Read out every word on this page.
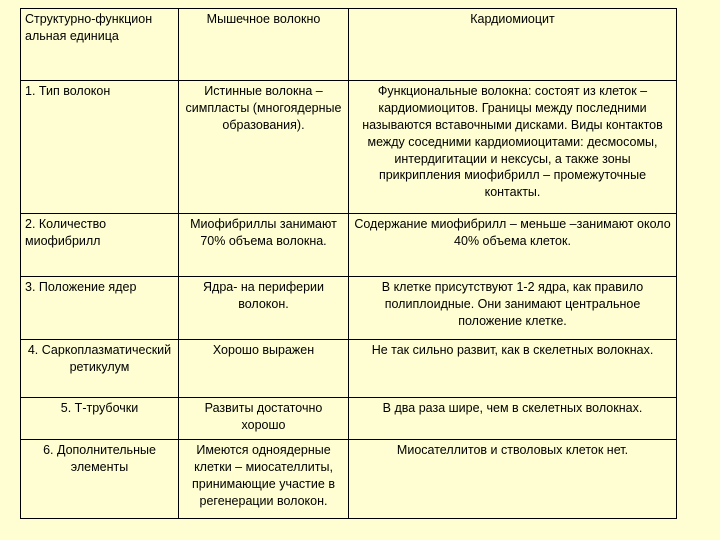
Структурно-функцион альная единица	Мышечное волокно	Кардиомиоцит
1. Тип волокон	Истинные волокна – симпласты (многоядерные образования).	Функциональные волокна: состоят из клеток – кардиомиоцитов. Границы между последними называются вставочными дисками. Виды контактов между соседними кардиомиоцитами: десмосомы, интердигитации и нексусы, а также зоны прикрипления миофибрилл – промежуточные контакты.
2. Количество миофибрилл	Миофибриллы занимают 70% объема волокна.	Содержание миофибрилл – меньше –занимают около 40% объема клеток.
3. Положение ядер	Ядра- на периферии волокон.	В клетке присутствуют 1-2 ядра, как правило полиплоидные. Они занимают центральное положение клетке.
4. Саркоплазматический ретикулум	Хорошо выражен	Не так сильно развит, как в скелетных волокнах.
5. Т-трубочки	Развиты достаточно хорошо	В два раза шире, чем в скелетных волокнах.
6. Дополнительные элементы	Имеются одноядерные клетки – миосателлиты, принимающие участие в регенерации волокон.	Миосателлитов и стволовых клеток нет.
